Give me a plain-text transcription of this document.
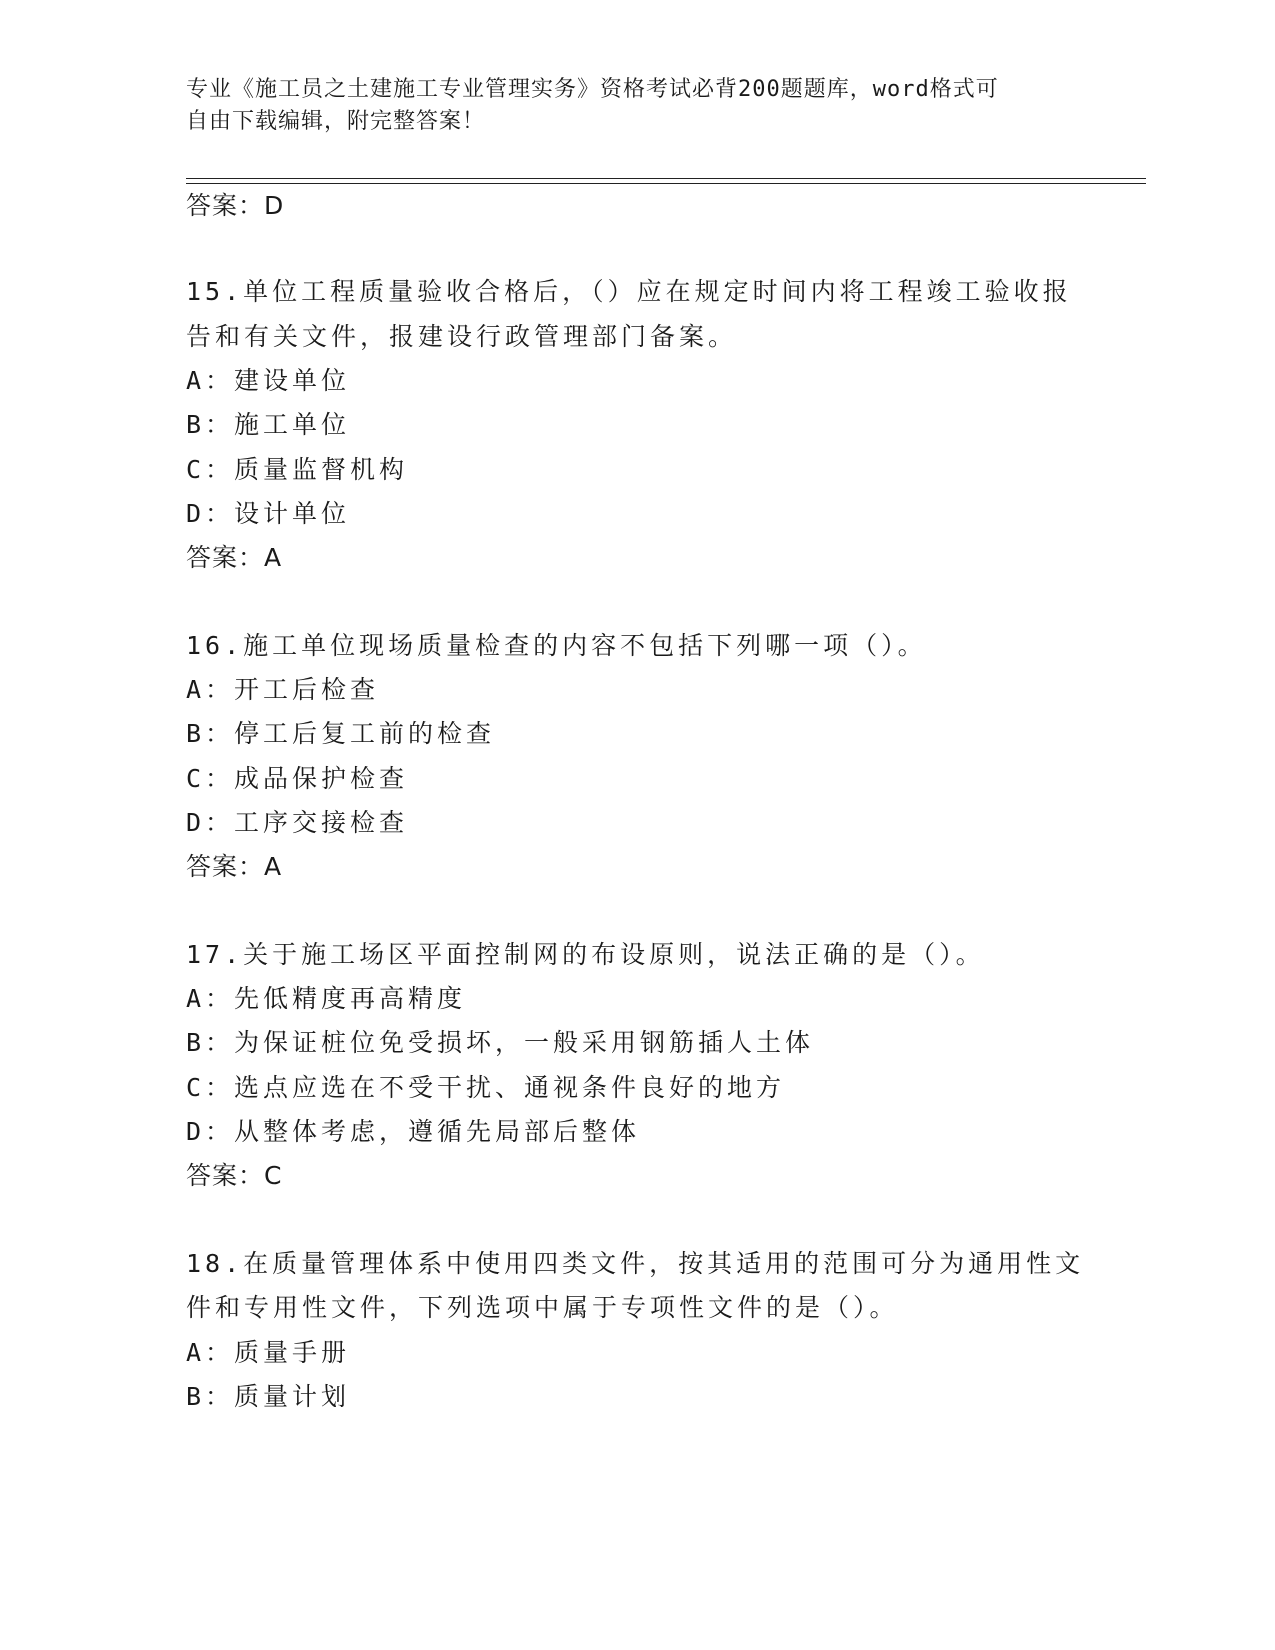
专业《施工员之土建施工专业管理实务》资格考试必背200题题库，word格式可
自由下载编辑，附完整答案！
答案：D
15.单位工程质量验收合格后，（）应在规定时间内将工程竣工验收报
告和有关文件，报建设行政管理部门备案。
A：建设单位
B：施工单位
C：质量监督机构
D：设计单位
答案：A
16.施工单位现场质量检查的内容不包括下列哪一项（）。
A：开工后检查
B：停工后复工前的检查
C：成品保护检查
D：工序交接检查
答案：A
17.关于施工场区平面控制网的布设原则，说法正确的是（）。
A：先低精度再高精度
B：为保证桩位免受损坏，一般采用钢筋插人土体
C：选点应选在不受干扰、通视条件良好的地方
D：从整体考虑，遵循先局部后整体
答案：C
18.在质量管理体系中使用四类文件，按其适用的范围可分为通用性文
件和专用性文件，下列选项中属于专项性文件的是（）。
A：质量手册
B：质量计划
